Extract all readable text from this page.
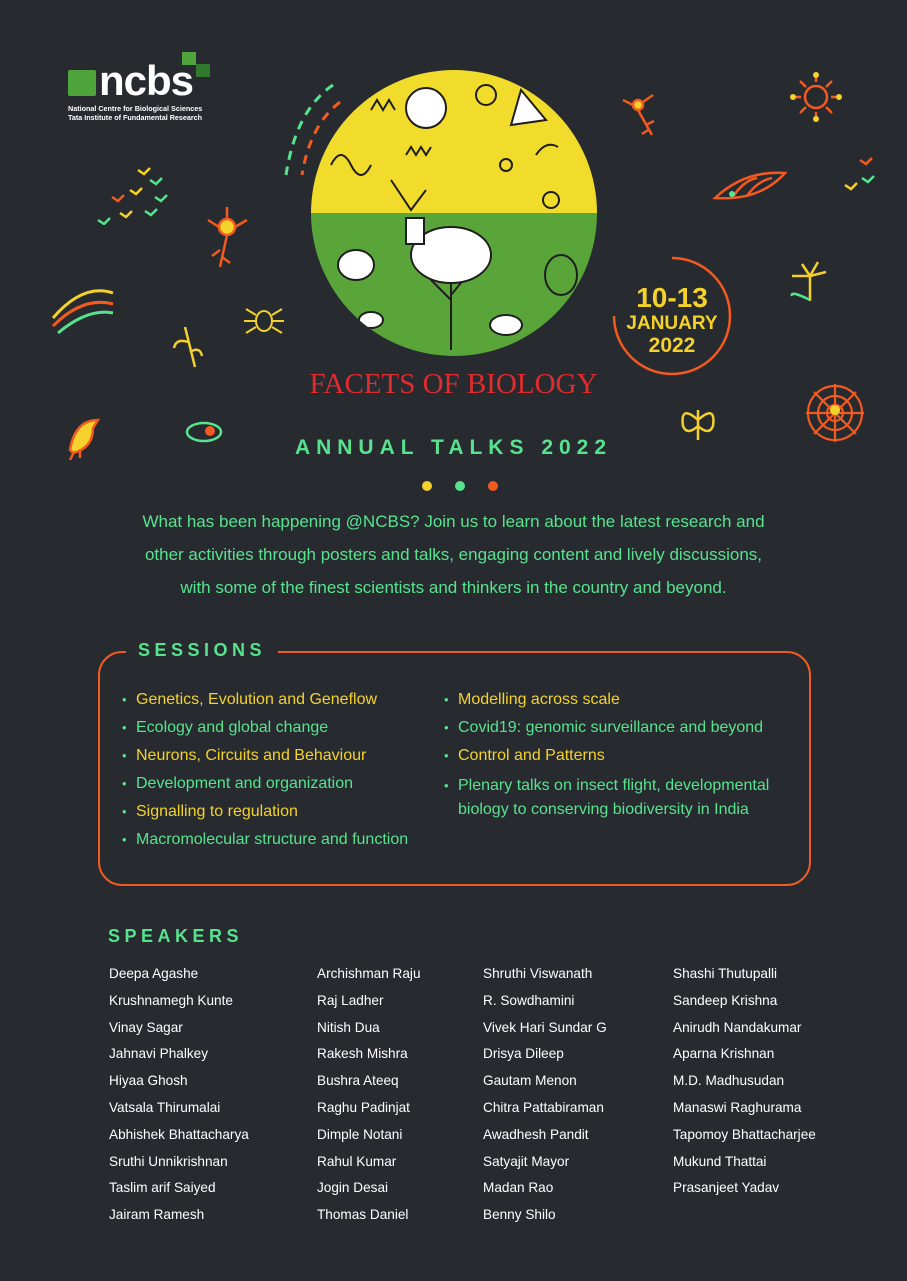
ncbs
National Centre for Biological Sciences
Tata Institute of Fundamental Research
10-13
JANUARY
2022
FACETS OF BIOLOGY
ANNUAL TALKS 2022
What has been happening @NCBS? Join us to learn about the latest research and
other activities through posters and talks, engaging content and lively discussions,
with some of the finest scientists and thinkers in the country and beyond.
SESSIONS
• Genetics, Evolution and Geneflow
• Ecology and global change
• Neurons, Circuits and Behaviour
• Development and organization
• Signalling to regulation
• Macromolecular structure and function
• Modelling across scale
• Covid19: genomic surveillance and beyond
• Control and Patterns
• Plenary talks on insect flight, developmental biology to conserving biodiversity in India
SPEAKERS
Deepa Agashe
Krushnamegh Kunte
Vinay Sagar
Jahnavi Phalkey
Hiyaa Ghosh
Vatsala Thirumalai
Abhishek Bhattacharya
Sruthi Unnikrishnan
Taslim arif Saiyed
Jairam Ramesh
Archishman Raju
Raj Ladher
Nitish Dua
Rakesh Mishra
Bushra Ateeq
Raghu Padinjat
Dimple Notani
Rahul Kumar
Jogin Desai
Thomas Daniel
Shruthi Viswanath
R. Sowdhamini
Vivek Hari Sundar G
Drisya Dileep
Gautam Menon
Chitra Pattabiraman
Awadhesh Pandit
Satyajit Mayor
Madan Rao
Benny Shilo
Shashi Thutupalli
Sandeep Krishna
Anirudh Nandakumar
Aparna Krishnan
M.D. Madhusudan
Manaswi Raghurama
Tapomoy Bhattacharjee
Mukund Thattai
Prasanjeet Yadav
